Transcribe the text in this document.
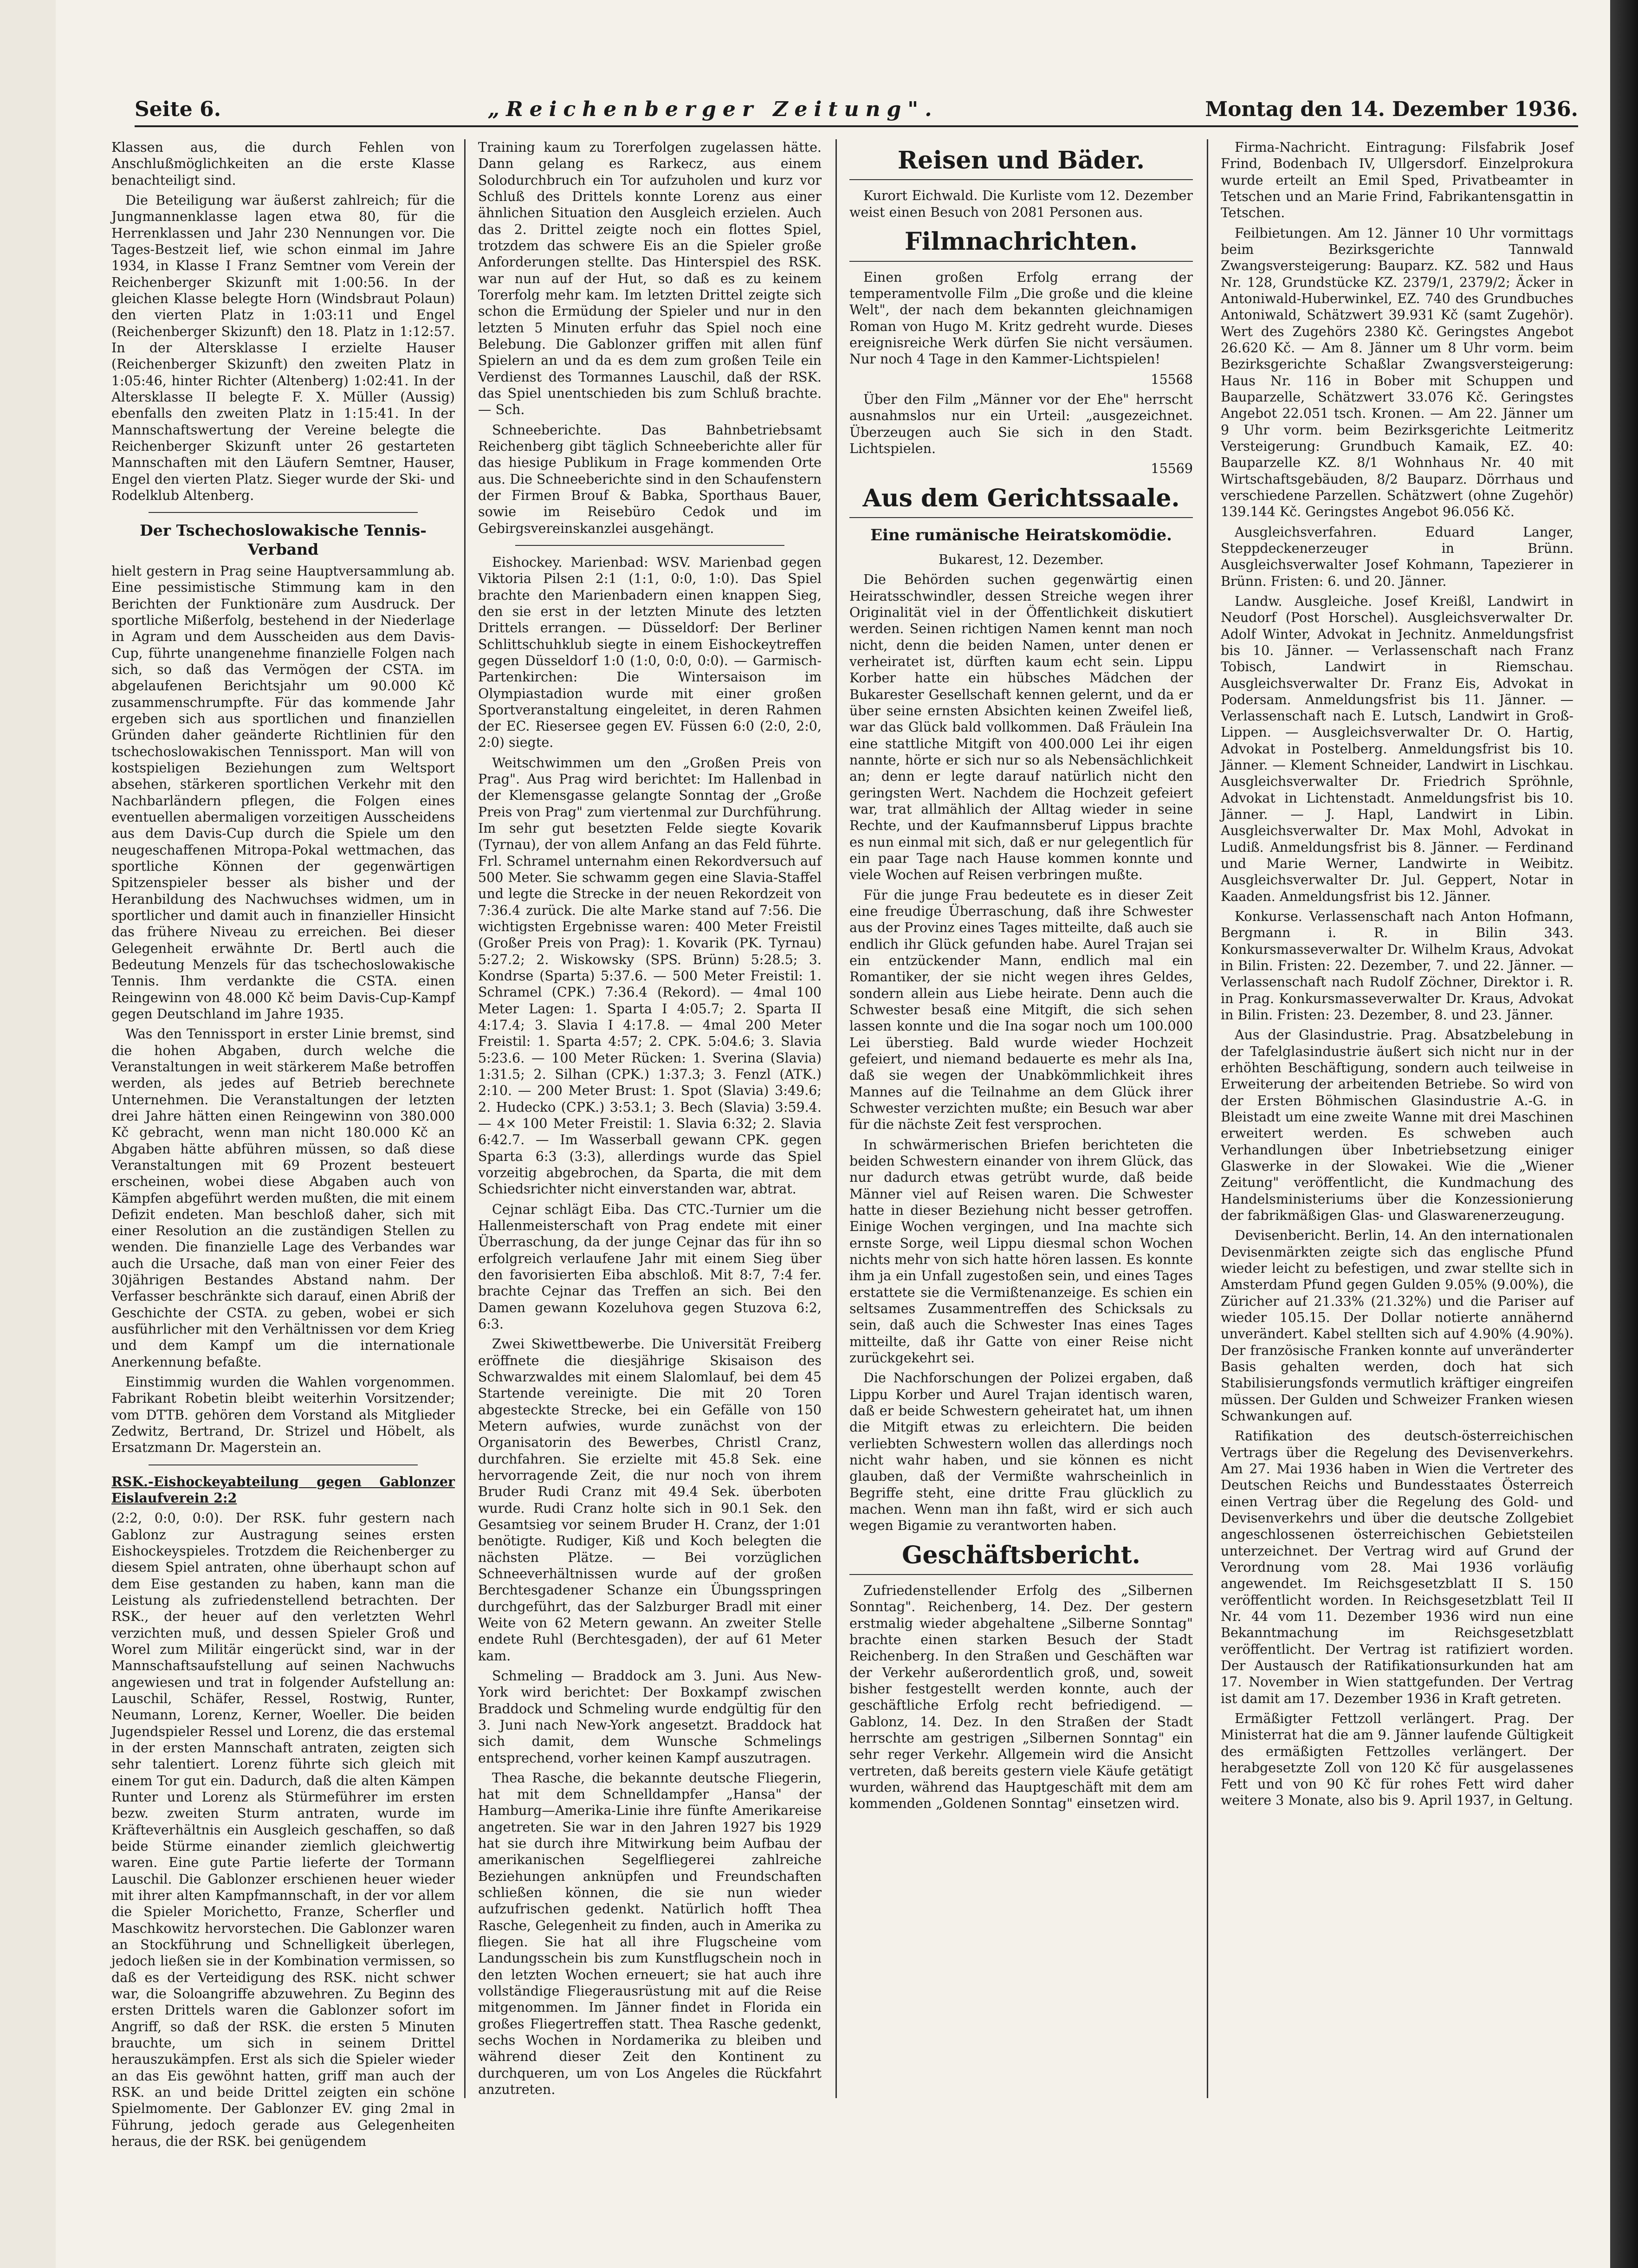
Seite 6.	„Reichenberger Zeitung".	Montag den 14. Dezember 1936.

Klassen aus, die durch Fehlen von Anschlußmöglichkeiten an die erste Klasse benachteiligt sind.

Die Beteiligung war äußerst zahlreich; für die Jungmannenklasse lagen etwa 80, für die Herrenklassen und Jahr 230 Nennungen vor. Die Tages-Bestzeit lief, wie schon einmal im Jahre 1934, in Klasse I Franz Semtner vom Verein der Reichenberger Skizunft mit 1:00:56. In der gleichen Klasse belegte Horn (Windsbraut Polaun) den vierten Platz in 1:03:11 und Engel (Reichenberger Skizunft) den 18. Platz in 1:12:57. In der Altersklasse I erzielte Hauser (Reichenberger Skizunft) den zweiten Platz in 1:05:46, hinter Richter (Altenberg) 1:02:41. In der Altersklasse II belegte F. X. Müller (Aussig) ebenfalls den zweiten Platz in 1:15:41. In der Mannschaftswertung der Vereine belegte die Reichenberger Skizunft unter 26 gestarteten Mannschaften mit den Läufern Semtner, Hauser, Engel den vierten Platz. Sieger wurde der Ski- und Rodelklub Altenberg.

Der Tschechoslowakische Tennis-Verband

hielt gestern in Prag seine Hauptversammlung ab. Eine pessimistische Stimmung kam in den Berichten der Funktionäre zum Ausdruck. Der sportliche Mißerfolg, bestehend in der Niederlage in Agram und dem Ausscheiden aus dem Davis-Cup, führte unangenehme finanzielle Folgen nach sich, so daß das Vermögen der CSTA. im abgelaufenen Berichtsjahr um 90.000 Kč zusammenschrumpfte. Für das kommende Jahr ergeben sich aus sportlichen und finanziellen Gründen daher geänderte Richtlinien für den tschechoslowakischen Tennissport. Man will von kostspieligen Beziehungen zum Weltsport absehen, stärkeren sportlichen Verkehr mit den Nachbarländern pflegen, die Folgen eines eventuellen abermaligen vorzeitigen Ausscheidens aus dem Davis-Cup durch die Spiele um den neugeschaffenen Mitropa-Pokal wettmachen, das sportliche Können der gegenwärtigen Spitzenspieler besser als bisher und der Heranbildung des Nachwuchses widmen, um in sportlicher und damit auch in finanzieller Hinsicht das frühere Niveau zu erreichen. Bei dieser Gelegenheit erwähnte Dr. Bertl auch die Bedeutung Menzels für das tschechoslowakische Tennis. Ihm verdankte die CSTA. einen Reingewinn von 48.000 Kč beim Davis-Cup-Kampf gegen Deutschland im Jahre 1935.

Was den Tennissport in erster Linie bremst, sind die hohen Abgaben, durch welche die Veranstaltungen in weit stärkerem Maße betroffen werden, als jedes auf Betrieb berechnete Unternehmen. Die Veranstaltungen der letzten drei Jahre hätten einen Reingewinn von 380.000 Kč gebracht, wenn man nicht 180.000 Kč an Abgaben hätte abführen müssen, so daß diese Veranstaltungen mit 69 Prozent besteuert erscheinen, wobei diese Abgaben auch von Kämpfen abgeführt werden mußten, die mit einem Defizit endeten. Man beschloß daher, sich mit einer Resolution an die zuständigen Stellen zu wenden. Die finanzielle Lage des Verbandes war auch die Ursache, daß man von einer Feier des 30jährigen Bestandes Abstand nahm. Der Verfasser beschränkte sich darauf, einen Abriß der Geschichte der CSTA. zu geben, wobei er sich ausführlicher mit den Verhältnissen vor dem Krieg und dem Kampf um die internationale Anerkennung befaßte.

Einstimmig wurden die Wahlen vorgenommen. Fabrikant Robetin bleibt weiterhin Vorsitzender; vom DTTB. gehören dem Vorstand als Mitglieder Zedwitz, Bertrand, Dr. Strizel und Höbelt, als Ersatzmann Dr. Magerstein an.

RSK.-Eishockeyabteilung gegen Gablonzer Eislaufverein 2:2

(2:2, 0:0, 0:0). Der RSK. fuhr gestern nach Gablonz zur Austragung seines ersten Eishockeyspieles. Trotzdem die Reichenberger zu diesem Spiel antraten, ohne überhaupt schon auf dem Eise gestanden zu haben, kann man die Leistung als zufriedenstellend betrachten. Der RSK., der heuer auf den verletzten Wehrl verzichten muß, und dessen Spieler Groß und Worel zum Militär eingerückt sind, war in der Mannschaftsaufstellung auf seinen Nachwuchs angewiesen und trat in folgender Aufstellung an: Lauschil, Schäfer, Ressel, Rostwig, Runter, Neumann, Lorenz, Kerner, Woeller. Die beiden Jugendspieler Ressel und Lorenz, die das erstemal in der ersten Mannschaft antraten, zeigten sich sehr talentiert. Lorenz führte sich gleich mit einem Tor gut ein. Dadurch, daß die alten Kämpen Runter und Lorenz als Stürmeführer im ersten bezw. zweiten Sturm antraten, wurde im Kräfteverhältnis ein Ausgleich geschaffen, so daß beide Stürme einander ziemlich gleichwertig waren. Eine gute Partie lieferte der Tormann Lauschil. Die Gablonzer erschienen heuer wieder mit ihrer alten Kampfmannschaft, in der vor allem die Spieler Morichetto, Franze, Scherfler und Maschkowitz hervorstechen. Die Gablonzer waren an Stockführung und Schnelligkeit überlegen, jedoch ließen sie in der Kombination vermissen, so daß es der Verteidigung des RSK. nicht schwer war, die Soloangriffe abzuwehren. Zu Beginn des ersten Drittels waren die Gablonzer sofort im Angriff, so daß der RSK. die ersten 5 Minuten brauchte, um sich in seinem Drittel herauszukämpfen. Erst als sich die Spieler wieder an das Eis gewöhnt hatten, griff man auch der RSK. an und beide Drittel zeigten ein schöne Spielmomente. Der Gablonzer EV. ging 2mal in Führung, jedoch gerade aus Gelegenheiten heraus, die der RSK. bei genügendem

Training kaum zu Torerfolgen zugelassen hätte. Dann gelang es Rarkecz, aus einem Solodurchbruch ein Tor aufzuholen und kurz vor Schluß des Drittels konnte Lorenz aus einer ähnlichen Situation den Ausgleich erzielen. Auch das 2. Drittel zeigte noch ein flottes Spiel, trotzdem das schwere Eis an die Spieler große Anforderungen stellte. Das Hinterspiel des RSK. war nun auf der Hut, so daß es zu keinem Torerfolg mehr kam. Im letzten Drittel zeigte sich schon die Ermüdung der Spieler und nur in den letzten 5 Minuten erfuhr das Spiel noch eine Belebung. Die Gablonzer griffen mit allen fünf Spielern an und da es dem zum großen Teile ein Verdienst des Tormannes Lauschil, daß der RSK. das Spiel unentschieden bis zum Schluß brachte. — Sch.

Schneeberichte. Das Bahnbetriebsamt Reichenberg gibt täglich Schneeberichte aller für das hiesige Publikum in Frage kommenden Orte aus. Die Schneeberichte sind in den Schaufenstern der Firmen Brouf & Babka, Sporthaus Bauer, sowie im Reisebüro Cedok und im Gebirgsvereinskanzlei ausgehängt.

Eishockey. Marienbad: WSV. Marienbad gegen Viktoria Pilsen 2:1 (1:1, 0:0, 1:0). Das Spiel brachte den Marienbadern einen knappen Sieg, den sie erst in der letzten Minute des letzten Drittels errangen. — Düsseldorf: Der Berliner Schlittschuhklub siegte in einem Eishockeytreffen gegen Düsseldorf 1:0 (1:0, 0:0, 0:0). — Garmisch-Partenkirchen: Die Wintersaison im Olympiastadion wurde mit einer großen Sportveranstaltung eingeleitet, in deren Rahmen der EC. Riesersee gegen EV. Füssen 6:0 (2:0, 2:0, 2:0) siegte.

Weitschwimmen um den „Großen Preis von Prag". Aus Prag wird berichtet: Im Hallenbad in der Klemensgasse gelangte Sonntag der „Große Preis von Prag" zum viertenmal zur Durchführung. Im sehr gut besetzten Felde siegte Kovarik (Tyrnau), der von allem Anfang an das Feld führte. Frl. Schramel unternahm einen Rekordversuch auf 500 Meter. Sie schwamm gegen eine Slavia-Staffel und legte die Strecke in der neuen Rekordzeit von 7:36.4 zurück. Die alte Marke stand auf 7:56. Die wichtigsten Ergebnisse waren: 400 Meter Freistil (Großer Preis von Prag): 1. Kovarik (PK. Tyrnau) 5:27.2; 2. Wiskowsky (SPS. Brünn) 5:28.5; 3. Kondrse (Sparta) 5:37.6. — 500 Meter Freistil: 1. Schramel (CPK.) 7:36.4 (Rekord). — 4mal 100 Meter Lagen: 1. Sparta I 4:05.7; 2. Sparta II 4:17.4; 3. Slavia I 4:17.8. — 4mal 200 Meter Freistil: 1. Sparta 4:57; 2. CPK. 5:04.6; 3. Slavia 5:23.6. — 100 Meter Rücken: 1. Sverina (Slavia) 1:31.5; 2. Silhan (CPK.) 1:37.3; 3. Fenzl (ATK.) 2:10. — 200 Meter Brust: 1. Spot (Slavia) 3:49.6; 2. Hudecko (CPK.) 3:53.1; 3. Bech (Slavia) 3:59.4. — 4× 100 Meter Freistil: 1. Slavia 6:32; 2. Slavia 6:42.7. — Im Wasserball gewann CPK. gegen Sparta 6:3 (3:3), allerdings wurde das Spiel vorzeitig abgebrochen, da Sparta, die mit dem Schiedsrichter nicht einverstanden war, abtrat.

Cejnar schlägt Eiba. Das CTC.-Turnier um die Hallenmeisterschaft von Prag endete mit einer Überraschung, da der junge Cejnar das für ihn so erfolgreich verlaufene Jahr mit einem Sieg über den favorisierten Eiba abschloß. Mit 8:7, 7:4 fer. brachte Cejnar das Treffen an sich. Bei den Damen gewann Kozeluhova gegen Stuzova 6:2, 6:3.

Zwei Skiwettbewerbe. Die Universität Freiberg eröffnete die diesjährige Skisaison des Schwarzwaldes mit einem Slalomlauf, bei dem 45 Startende vereinigte. Die mit 20 Toren abgesteckte Strecke, bei ein Gefälle von 150 Metern aufwies, wurde zunächst von der Organisatorin des Bewerbes, Christl Cranz, durchfahren. Sie erzielte mit 45.8 Sek. eine hervorragende Zeit, die nur noch von ihrem Bruder Rudi Cranz mit 49.4 Sek. überboten wurde. Rudi Cranz holte sich in 90.1 Sek. den Gesamtsieg vor seinem Bruder H. Cranz, der 1:01 benötigte. Rudiger, Kiß und Koch belegten die nächsten Plätze. — Bei vorzüglichen Schneeverhältnissen wurde auf der großen Berchtesgadener Schanze ein Übungsspringen durchgeführt, das der Salzburger Bradl mit einer Weite von 62 Metern gewann. An zweiter Stelle endete Ruhl (Berchtesgaden), der auf 61 Meter kam.

Schmeling — Braddock am 3. Juni. Aus New-York wird berichtet: Der Boxkampf zwischen Braddock und Schmeling wurde endgültig für den 3. Juni nach New-York angesetzt. Braddock hat sich damit, dem Wunsche Schmelings entsprechend, vorher keinen Kampf auszutragen.

Thea Rasche, die bekannte deutsche Fliegerin, hat mit dem Schnelldampfer „Hansa" der Hamburg—Amerika-Linie ihre fünfte Amerikareise angetreten. Sie war in den Jahren 1927 bis 1929 hat sie durch ihre Mitwirkung beim Aufbau der amerikanischen Segelfliegerei zahlreiche Beziehungen anknüpfen und Freundschaften schließen können, die sie nun wieder aufzufrischen gedenkt. Natürlich hofft Thea Rasche, Gelegenheit zu finden, auch in Amerika zu fliegen. Sie hat all ihre Flugscheine vom Landungsschein bis zum Kunstflugschein noch in den letzten Wochen erneuert; sie hat auch ihre vollständige Fliegerausrüstung mit auf die Reise mitgenommen. Im Jänner findet in Florida ein großes Fliegertreffen statt. Thea Rasche gedenkt, sechs Wochen in Nordamerika zu bleiben und während dieser Zeit den Kontinent zu durchqueren, um von Los Angeles die Rückfahrt anzutreten.

Reisen und Bäder.

Kurort Eichwald. Die Kurliste vom 12. Dezember weist einen Besuch von 2081 Personen aus.

Filmnachrichten.

Einen großen Erfolg errang der temperamentvolle Film „Die große und die kleine Welt", der nach dem bekannten gleichnamigen Roman von Hugo M. Kritz gedreht wurde. Dieses ereignisreiche Werk dürfen Sie nicht versäumen. Nur noch 4 Tage in den Kammer-Lichtspielen!

15568

Über den Film „Männer vor der Ehe" herrscht ausnahmslos nur ein Urteil: „ausgezeichnet. Überzeugen auch Sie sich in den Stadt. Lichtspielen.

15569

Aus dem Gerichtssaale.
Eine rumänische Heiratskomödie.

Bukarest, 12. Dezember.

Die Behörden suchen gegenwärtig einen Heiratsschwindler, dessen Streiche wegen ihrer Originalität viel in der Öffentlichkeit diskutiert werden. Seinen richtigen Namen kennt man noch nicht, denn die beiden Namen, unter denen er verheiratet ist, dürften kaum echt sein. Lippu Korber hatte ein hübsches Mädchen der Bukarester Gesellschaft kennen gelernt, und da er über seine ernsten Absichten keinen Zweifel ließ, war das Glück bald vollkommen. Daß Fräulein Ina eine stattliche Mitgift von 400.000 Lei ihr eigen nannte, hörte er sich nur so als Nebensächlichkeit an; denn er legte darauf natürlich nicht den geringsten Wert. Nachdem die Hochzeit gefeiert war, trat allmählich der Alltag wieder in seine Rechte, und der Kaufmannsberuf Lippus brachte es nun einmal mit sich, daß er nur gelegentlich für ein paar Tage nach Hause kommen konnte und viele Wochen auf Reisen verbringen mußte.

Für die junge Frau bedeutete es in dieser Zeit eine freudige Überraschung, daß ihre Schwester aus der Provinz eines Tages mitteilte, daß auch sie endlich ihr Glück gefunden habe. Aurel Trajan sei ein entzückender Mann, endlich mal ein Romantiker, der sie nicht wegen ihres Geldes, sondern allein aus Liebe heirate. Denn auch die Schwester besaß eine Mitgift, die sich sehen lassen konnte und die Ina sogar noch um 100.000 Lei überstieg. Bald wurde wieder Hochzeit gefeiert, und niemand bedauerte es mehr als Ina, daß sie wegen der Unabkömmlichkeit ihres Mannes auf die Teilnahme an dem Glück ihrer Schwester verzichten mußte; ein Besuch war aber für die nächste Zeit fest versprochen.

In schwärmerischen Briefen berichteten die beiden Schwestern einander von ihrem Glück, das nur dadurch etwas getrübt wurde, daß beide Männer viel auf Reisen waren. Die Schwester hatte in dieser Beziehung nicht besser getroffen. Einige Wochen vergingen, und Ina machte sich ernste Sorge, weil Lippu diesmal schon Wochen nichts mehr von sich hatte hören lassen. Es konnte ihm ja ein Unfall zugestoßen sein, und eines Tages erstattete sie die Vermißtenanzeige. Es schien ein seltsames Zusammentreffen des Schicksals zu sein, daß auch die Schwester Inas eines Tages mitteilte, daß ihr Gatte von einer Reise nicht zurückgekehrt sei.

Die Nachforschungen der Polizei ergaben, daß Lippu Korber und Aurel Trajan identisch waren, daß er beide Schwestern geheiratet hat, um ihnen die Mitgift etwas zu erleichtern. Die beiden verliebten Schwestern wollen das allerdings noch nicht wahr haben, und sie können es nicht glauben, daß der Vermißte wahrscheinlich in Begriffe steht, eine dritte Frau glücklich zu machen. Wenn man ihn faßt, wird er sich auch wegen Bigamie zu verantworten haben.

Geschäftsbericht.

Zufriedenstellender Erfolg des „Silbernen Sonntag". Reichenberg, 14. Dez. Der gestern erstmalig wieder abgehaltene „Silberne Sonntag" brachte einen starken Besuch der Stadt Reichenberg. In den Straßen und Geschäften war der Verkehr außerordentlich groß, und, soweit bisher festgestellt werden konnte, auch der geschäftliche Erfolg recht befriedigend. — Gablonz, 14. Dez. In den Straßen der Stadt herrschte am gestrigen „Silbernen Sonntag" ein sehr reger Verkehr. Allgemein wird die Ansicht vertreten, daß bereits gestern viele Käufe getätigt wurden, während das Hauptgeschäft mit dem am kommenden „Goldenen Sonntag" einsetzen wird.

Firma-Nachricht. Eintragung: Filsfabrik Josef Frind, Bodenbach IV, Ullgersdorf. Einzelprokura wurde erteilt an Emil Sped, Privatbeamter in Tetschen und an Marie Frind, Fabrikantensgattin in Tetschen.

Feilbietungen. Am 12. Jänner 10 Uhr vormittags beim Bezirksgerichte Tannwald Zwangsversteigerung: Bauparz. KZ. 582 und Haus Nr. 128, Grundstücke KZ. 2379/1, 2379/2; Äcker in Antoniwald-Huberwinkel, EZ. 740 des Grundbuches Antoniwald, Schätzwert 39.931 Kč (samt Zugehör). Wert des Zugehörs 2380 Kč. Geringstes Angebot 26.620 Kč. — Am 8. Jänner um 8 Uhr vorm. beim Bezirksgerichte Schaßlar Zwangsversteigerung: Haus Nr. 116 in Bober mit Schuppen und Bauparzelle, Schätzwert 33.076 Kč. Geringstes Angebot 22.051 tsch. Kronen. — Am 22. Jänner um 9 Uhr vorm. beim Bezirksgerichte Leitmeritz Versteigerung: Grundbuch Kamaik, EZ. 40: Bauparzelle KZ. 8/1 Wohnhaus Nr. 40 mit Wirtschaftsgebäuden, 8/2 Bauparz. Dörrhaus und verschiedene Parzellen. Schätzwert (ohne Zugehör) 139.144 Kč. Geringstes Angebot 96.056 Kč.

Ausgleichsverfahren. Eduard Langer, Steppdeckenerzeuger in Brünn. Ausgleichsverwalter Josef Kohmann, Tapezierer in Brünn. Fristen: 6. und 20. Jänner.

Landw. Ausgleiche. Josef Kreißl, Landwirt in Neudorf (Post Horschel). Ausgleichsverwalter Dr. Adolf Winter, Advokat in Jechnitz. Anmeldungsfrist bis 10. Jänner. — Verlassenschaft nach Franz Tobisch, Landwirt in Riemschau. Ausgleichsverwalter Dr. Franz Eis, Advokat in Podersam. Anmeldungsfrist bis 11. Jänner. — Verlassenschaft nach E. Lutsch, Landwirt in Groß-Lippen. — Ausgleichsverwalter Dr. O. Hartig, Advokat in Postelberg. Anmeldungsfrist bis 10. Jänner. — Klement Schneider, Landwirt in Lischkau. Ausgleichsverwalter Dr. Friedrich Spröhnle, Advokat in Lichtenstadt. Anmeldungsfrist bis 10. Jänner. — J. Hapl, Landwirt in Libin. Ausgleichsverwalter Dr. Max Mohl, Advokat in Ludiß. Anmeldungsfrist bis 8. Jänner. — Ferdinand und Marie Werner, Landwirte in Weibitz. Ausgleichsverwalter Dr. Jul. Geppert, Notar in Kaaden. Anmeldungsfrist bis 12. Jänner.

Konkurse. Verlassenschaft nach Anton Hofmann, Bergmann i. R. in Bilin 343. Konkursmasseverwalter Dr. Wilhelm Kraus, Advokat in Bilin. Fristen: 22. Dezember, 7. und 22. Jänner. — Verlassenschaft nach Rudolf Zöchner, Direktor i. R. in Prag. Konkursmasseverwalter Dr. Kraus, Advokat in Bilin. Fristen: 23. Dezember, 8. und 23. Jänner.

Aus der Glasindustrie. Prag. Absatzbelebung in der Tafelglasindustrie äußert sich nicht nur in der erhöhten Beschäftigung, sondern auch teilweise in Erweiterung der arbeitenden Betriebe. So wird von der Ersten Böhmischen Glasindustrie A.-G. in Bleistadt um eine zweite Wanne mit drei Maschinen erweitert werden. Es schweben auch Verhandlungen über Inbetriebsetzung einiger Glaswerke in der Slowakei. Wie die „Wiener Zeitung" veröffentlicht, die Kundmachung des Handelsministeriums über die Konzessionierung der fabrikmäßigen Glas- und Glaswarenerzeugung.

Devisenbericht. Berlin, 14. An den internationalen Devisenmärkten zeigte sich das englische Pfund wieder leicht zu befestigen, und zwar stellte sich in Amsterdam Pfund gegen Gulden 9.05% (9.00%), die Züricher auf 21.33% (21.32%) und die Pariser auf wieder 105.15. Der Dollar notierte annähernd unverändert. Kabel stellten sich auf 4.90% (4.90%). Der französische Franken konnte auf unveränderter Basis gehalten werden, doch hat sich Stabilisierungsfonds vermutlich kräftiger eingreifen müssen. Der Gulden und Schweizer Franken wiesen Schwankungen auf.

Ratifikation des deutsch-österreichischen Vertrags über die Regelung des Devisenverkehrs. Am 27. Mai 1936 haben in Wien die Vertreter des Deutschen Reichs und Bundesstaates Österreich einen Vertrag über die Regelung des Gold- und Devisenverkehrs und über die deutsche Zollgebiet angeschlossenen österreichischen Gebietsteilen unterzeichnet. Der Vertrag wird auf Grund der Verordnung vom 28. Mai 1936 vorläufig angewendet. Im Reichsgesetzblatt II S. 150 veröffentlicht worden. In Reichsgesetzblatt Teil II Nr. 44 vom 11. Dezember 1936 wird nun eine Bekanntmachung im Reichsgesetzblatt veröffentlicht. Der Vertrag ist ratifiziert worden. Der Austausch der Ratifikationsurkunden hat am 17. November in Wien stattgefunden. Der Vertrag ist damit am 17. Dezember 1936 in Kraft getreten.

Ermäßigter Fettzoll verlängert. Prag. Der Ministerrat hat die am 9. Jänner laufende Gültigkeit des ermäßigten Fettzolles verlängert. Der herabgesetzte Zoll von 120 Kč für ausgelassenes Fett und von 90 Kč für rohes Fett wird daher weitere 3 Monate, also bis 9. April 1937, in Geltung.
